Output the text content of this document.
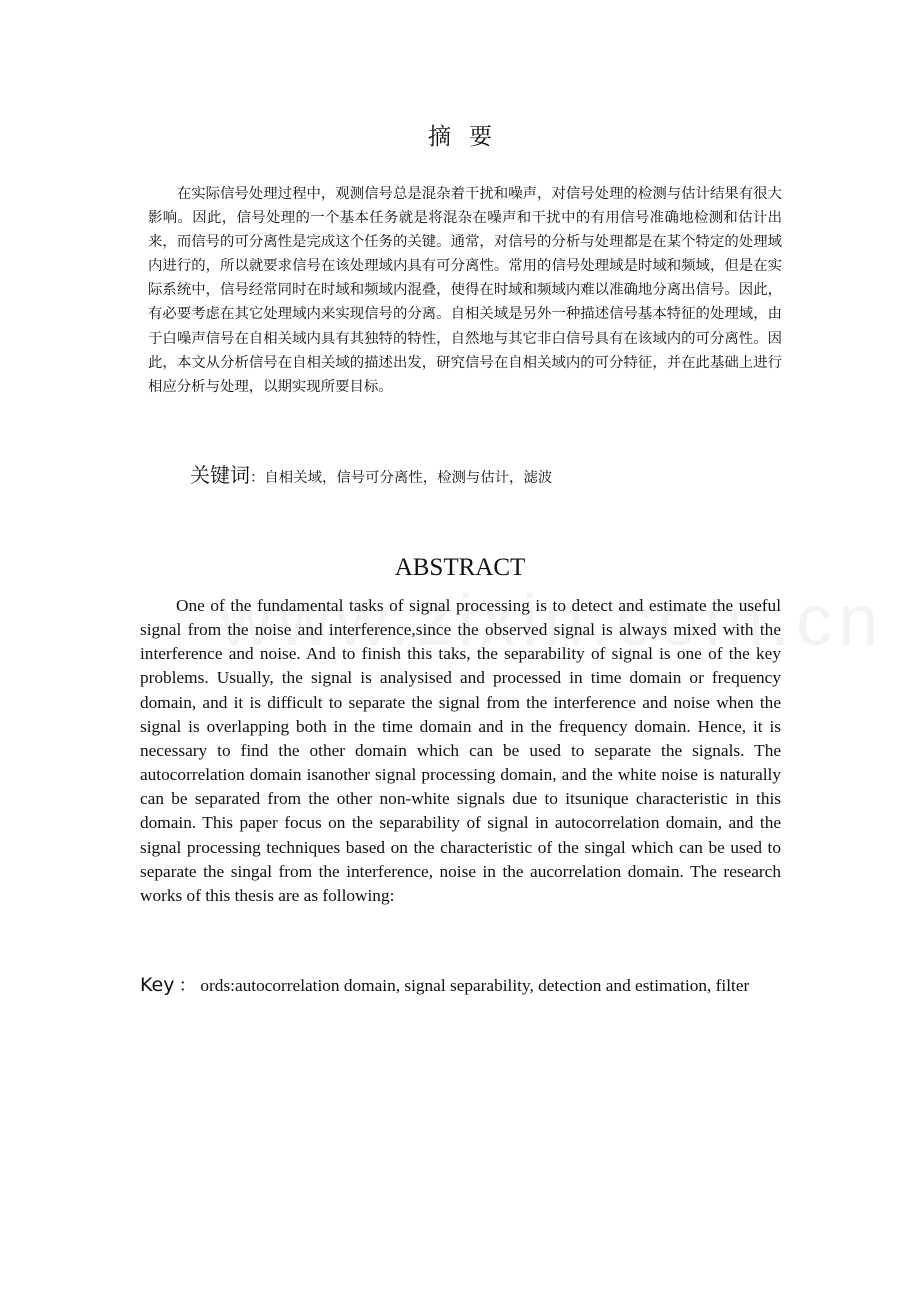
摘要

在实际信号处理过程中，观测信号总是混杂着干扰和噪声，对信号处理的检测与估计结果有很大影响。因此，信号处理的一个基本任务就是将混杂在噪声和干扰中的有用信号准确地检测和估计出来，而信号的可分离性是完成这个任务的关键。通常，对信号的分析与处理都是在某个特定的处理域内进行的，所以就要求信号在该处理域内具有可分离性。常用的信号处理域是时域和频域，但是在实际系统中，信号经常同时在时域和频域内混叠，使得在时域和频域内难以准确地分离出信号。因此，有必要考虑在其它处理域内来实现信号的分离。自相关域是另外一种描述信号基本特征的处理域，由于白噪声信号在自相关域内具有其独特的特性，自然地与其它非白信号具有在该域内的可分离性。因此，本文从分析信号在自相关域的描述出发，研究信号在自相关域内的可分特征，并在此基础上进行相应分析与处理，以期实现所要目标。

关键词：自相关域，信号可分离性，检测与估计，滤波
ABSTRACT

One of the fundamental tasks of signal processing is to detect and estimate the useful signal from the noise and interference,since the observed signal is always mixed with the interference and noise. And to finish this taks, the separability of signal is one of the key problems. Usually, the signal is analysised and processed in time domain or frequency domain, and it is difficult to separate the signal from the interference and noise when the signal is overlapping both in the time domain and in the frequency domain. Hence, it is necessary to find the other domain which can be used to separate the signals. The autocorrelation domain isanother signal processing domain, and the white noise is naturally can be separated from the other non-white signals due to itsunique characteristic in this domain. This paper focus on the separability of signal in autocorrelation domain, and the signal processing techniques based on the characteristic of the singal which can be used to separate the singal from the interference, noise in the aucorrelation domain. The research works of this thesis are as following:

Key ： ords:autocorrelation domain, signal separability, detection and estimation, filter
